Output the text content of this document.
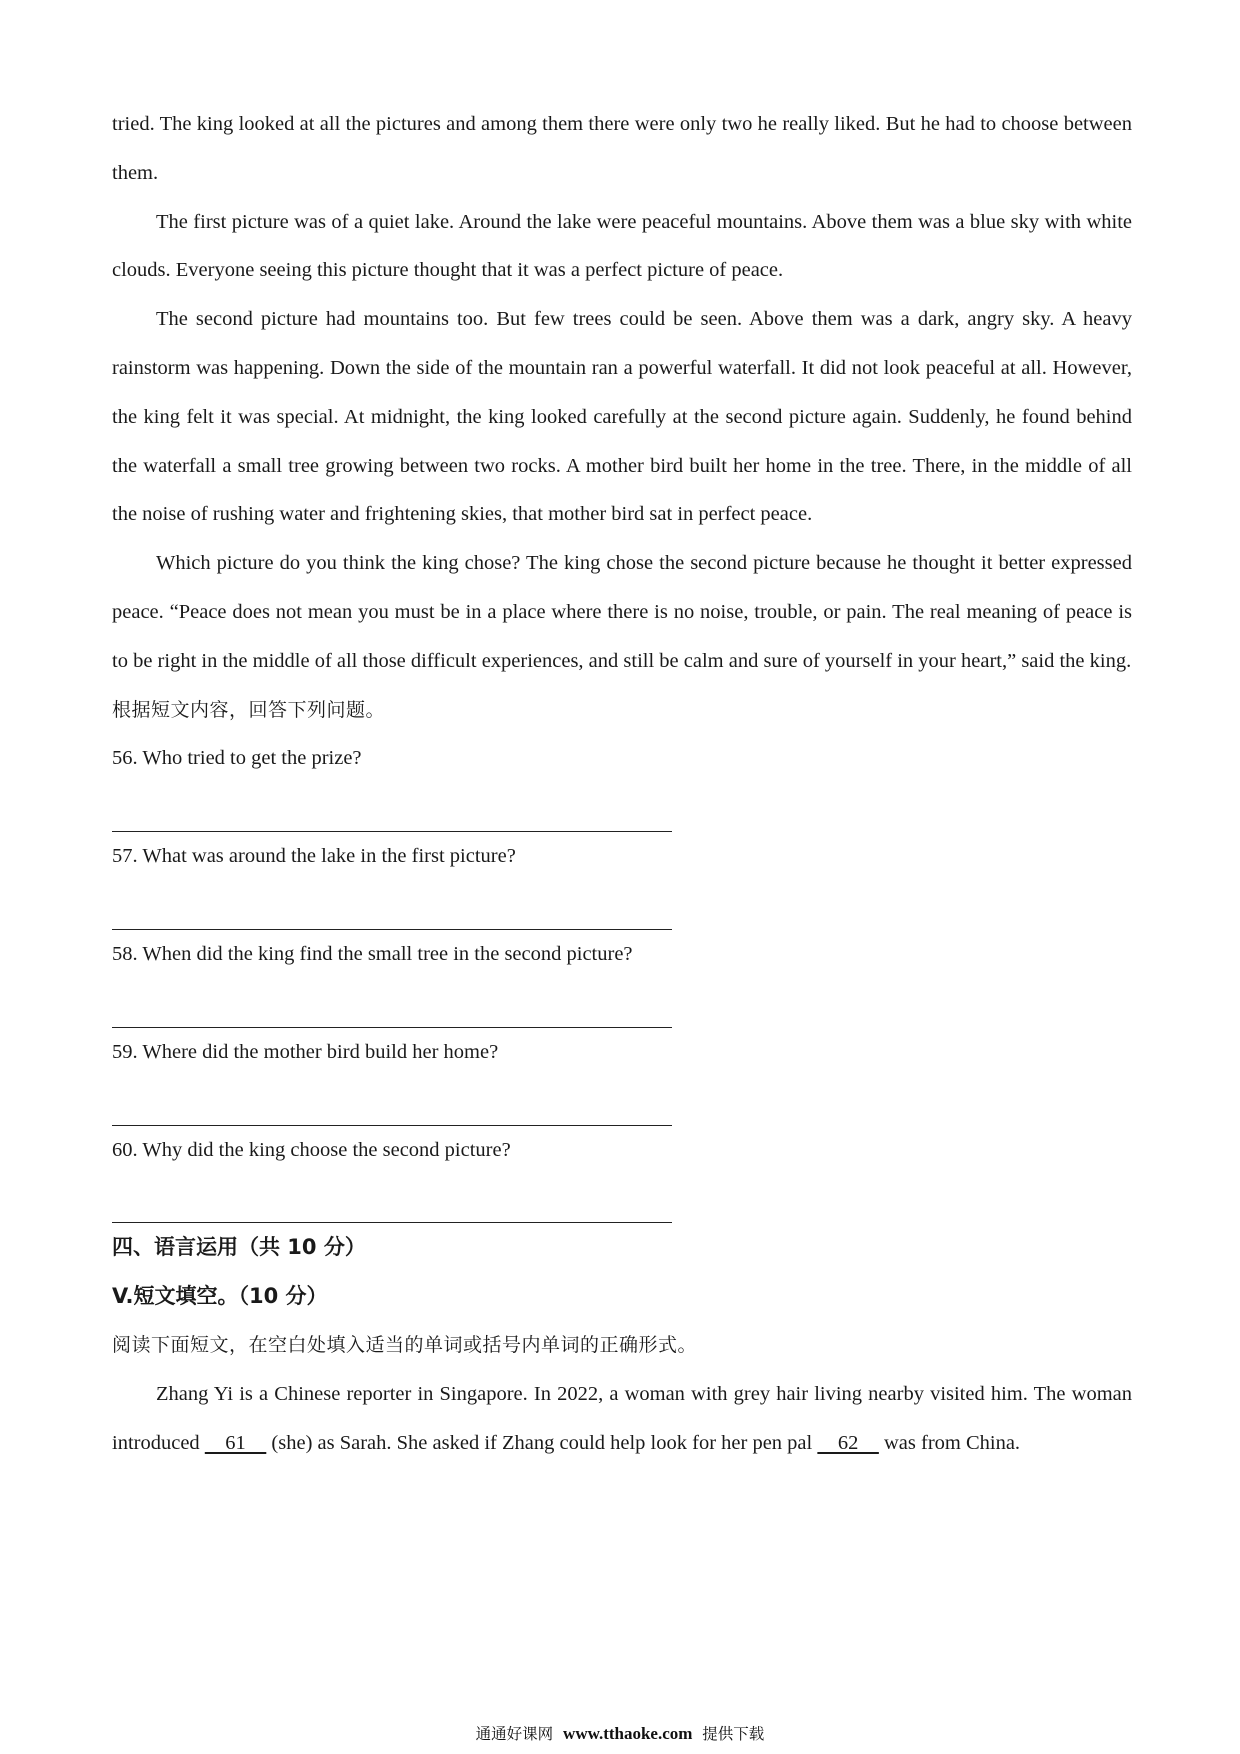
tried. The king looked at all the pictures and among them there were only two he really liked. But he had to choose between them.

The first picture was of a quiet lake. Around the lake were peaceful mountains. Above them was a blue sky with white clouds. Everyone seeing this picture thought that it was a perfect picture of peace.

The second picture had mountains too. But few trees could be seen. Above them was a dark, angry sky. A heavy rainstorm was happening. Down the side of the mountain ran a powerful waterfall. It did not look peaceful at all. However, the king felt it was special. At midnight, the king looked carefully at the second picture again. Suddenly, he found behind the waterfall a small tree growing between two rocks. A mother bird built her home in the tree. There, in the middle of all the noise of rushing water and frightening skies, that mother bird sat in perfect peace.

Which picture do you think the king chose? The king chose the second picture because he thought it better expressed peace. “Peace does not mean you must be in a place where there is no noise, trouble, or pain. The real meaning of peace is to be right in the middle of all those difficult experiences, and still be calm and sure of yourself in your heart,” said the king.

根据短文内容，回答下列问题。

56. Who tried to get the prize?

57. What was around the lake in the first picture?

58. When did the king find the small tree in the second picture?

59. Where did the mother bird build her home?

60. Why did the king choose the second picture?

四、语言运用（共 10 分）

V.短文填空。（10 分）

阅读下面短文，在空白处填入适当的单词或括号内单词的正确形式。

Zhang Yi is a Chinese reporter in Singapore. In 2022, a woman with grey hair living nearby visited him. The woman introduced     61     (she) as Sarah. She asked if Zhang could help look for her pen pal     62     was from China.

通通好课网 www.tthaoke.com 提供下载
